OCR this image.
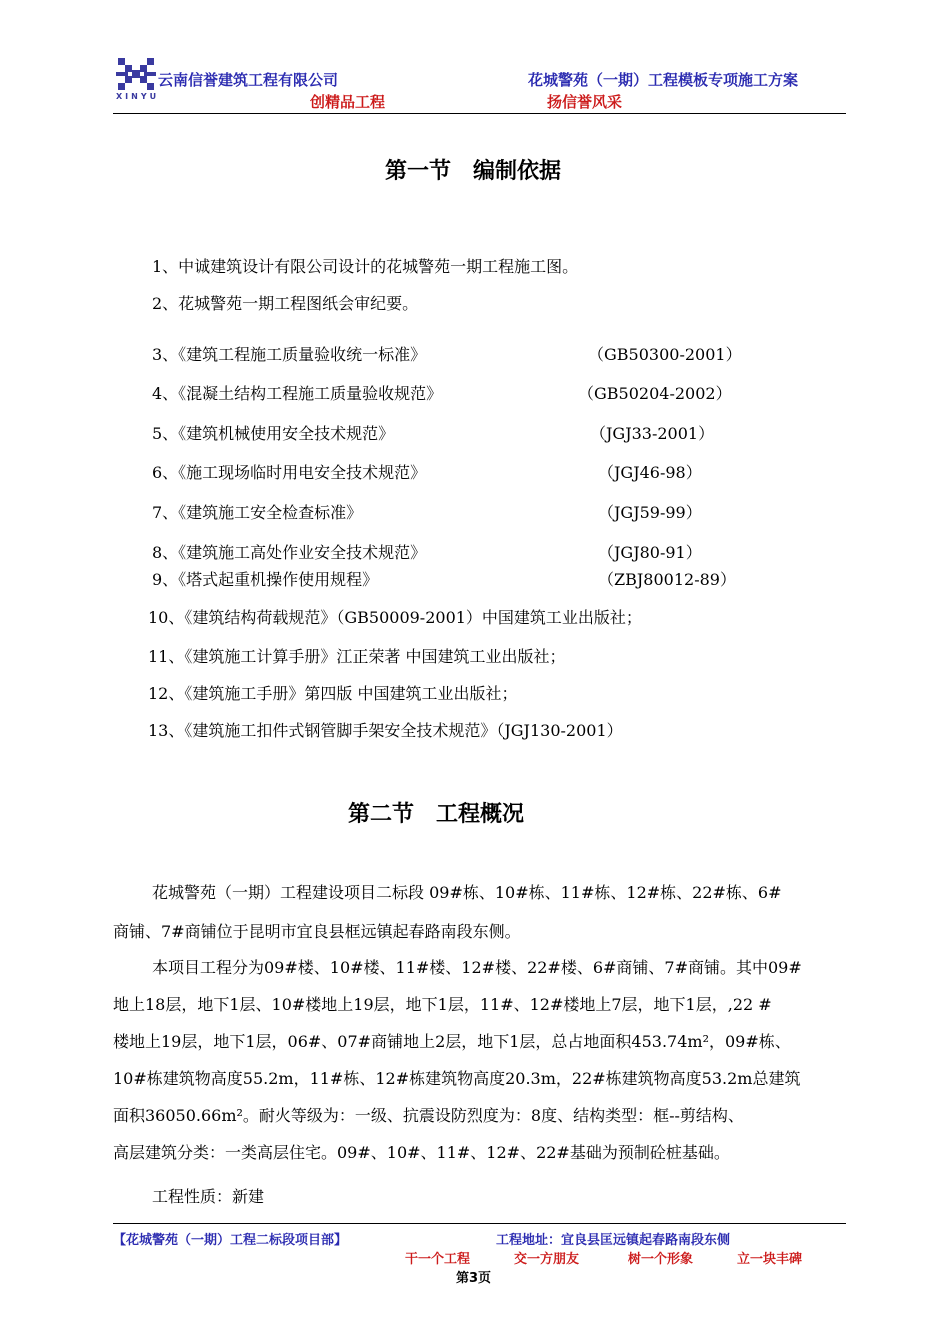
XINYU
云南信誉建筑工程有限公司	花城警苑（一期）工程模板专项施工方案
创精品工程	扬信誉风采
第一节　编制依据
1、中诚建筑设计有限公司设计的花城警苑一期工程施工图。
2、花城警苑一期工程图纸会审纪要。
3、《建筑工程施工质量验收统一标准》	（GB50300-2001）
4、《混凝土结构工程施工质量验收规范》	（GB50204-2002）
5、《建筑机械使用安全技术规范》	（JGJ33-2001）
6、《施工现场临时用电安全技术规范》	（JGJ46-98）
7、《建筑施工安全检查标准》	（JGJ59-99）
8、《建筑施工高处作业安全技术规范》	（JGJ80-91）
9、《塔式起重机操作使用规程》	（ZBJ80012-89）
10、《建筑结构荷载规范》（GB50009-2001）中国建筑工业出版社；
11、《建筑施工计算手册》江正荣著 中国建筑工业出版社；
12、《建筑施工手册》第四版 中国建筑工业出版社；
13、《建筑施工扣件式钢管脚手架安全技术规范》（JGJ130-2001）
第二节　工程概况
花城警苑（一期）工程建设项目二标段 09#栋、10#栋、11#栋、12#栋、22#栋、6#
商铺、7#商铺位于昆明市宜良县框远镇起春路南段东侧。
本项目工程分为09#楼、10#楼、11#楼、12#楼、22#楼、6#商铺、7#商铺。其中09#
地上18层，地下1层、10#楼地上19层，地下1层，11#、12#楼地上7层，地下1层，,22 #
楼地上19层，地下1层，06#、07#商铺地上2层，地下1层，总占地面积453.74m²，09#栋、
10#栋建筑物高度55.2m，11#栋、12#栋建筑物高度20.3m，22#栋建筑物高度53.2m总建筑
面积36050.66m²。耐火等级为：一级、抗震设防烈度为：8度、结构类型：框--剪结构、
高层建筑分类：一类高层住宅。09#、10#、11#、12#、22#基础为预制砼桩基础。
工程性质：新建
【花城警苑（一期）工程二标段项目部】	工程地址：宜良县匡远镇起春路南段东侧
干一个工程	交一方朋友	树一个形象	立一块丰碑
第3页
